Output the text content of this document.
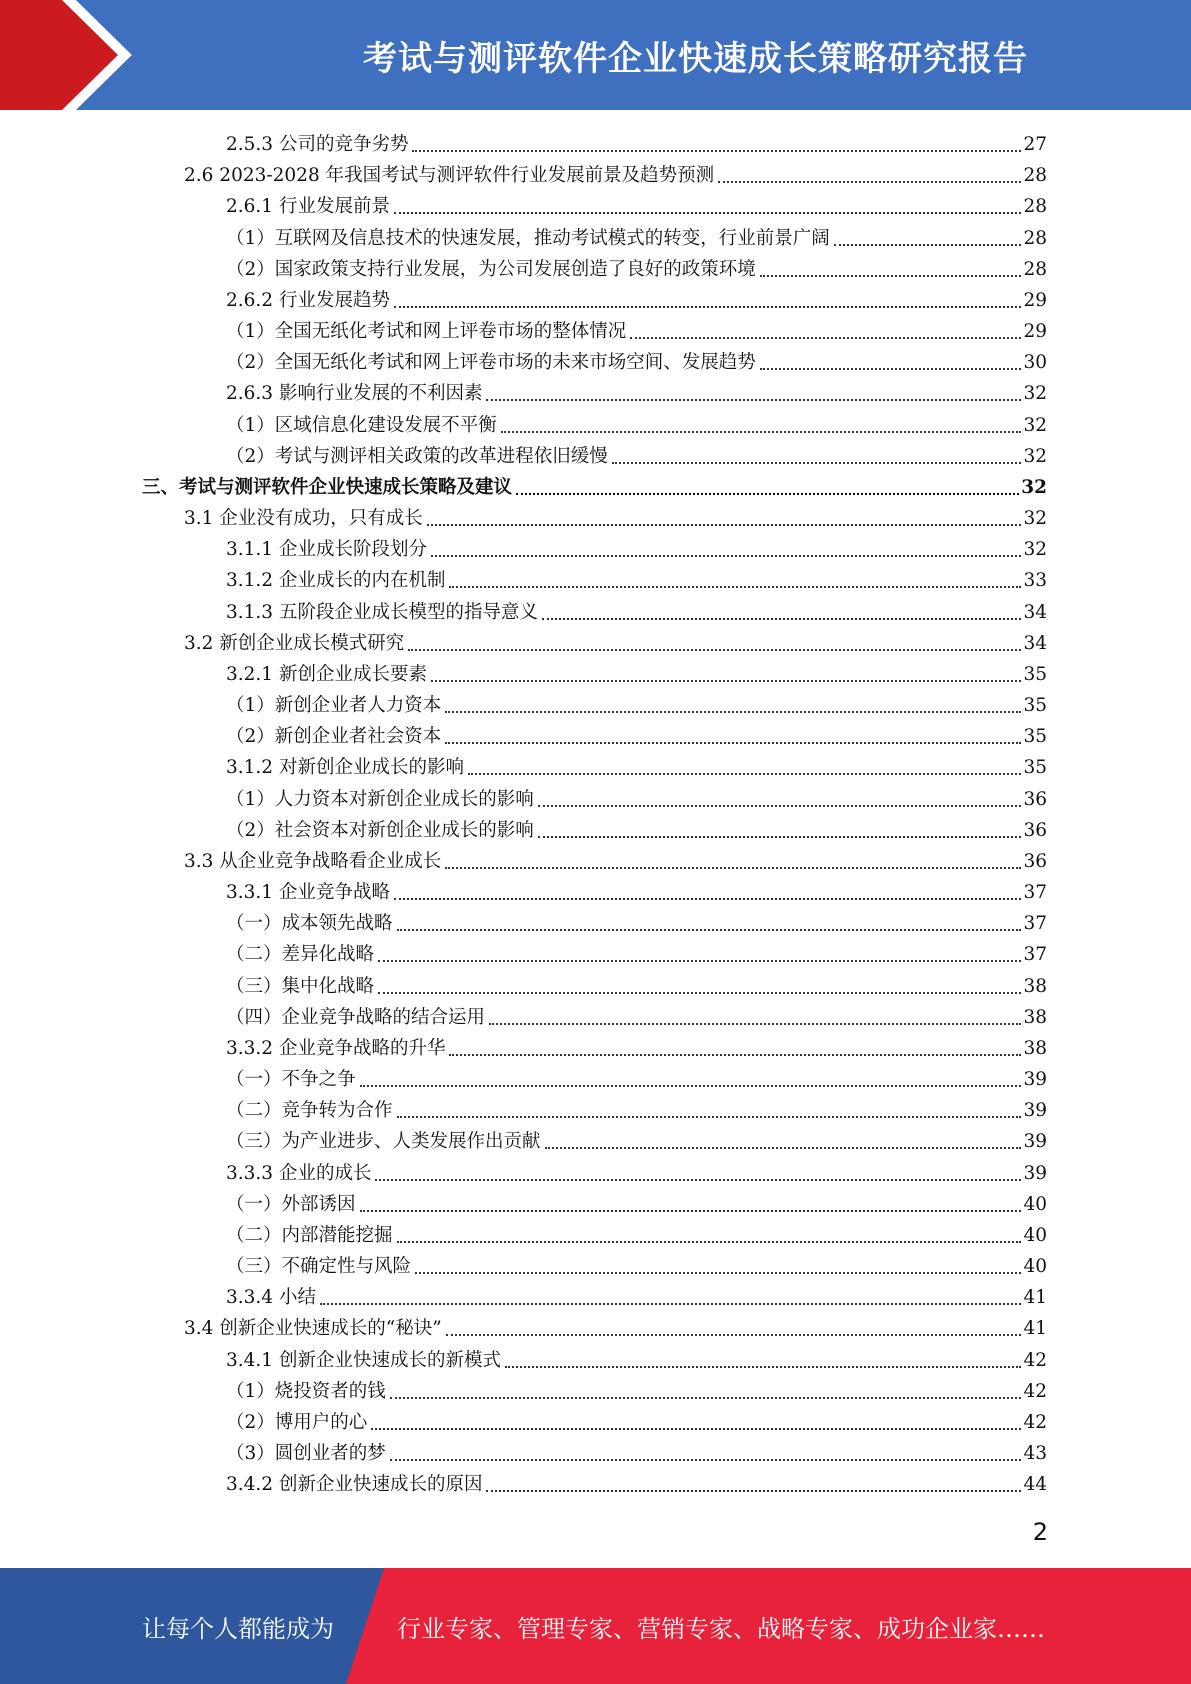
考试与测评软件企业快速成长策略研究报告
2.5.3 公司的竞争劣势	27
2.6 2023-2028 年我国考试与测评软件行业发展前景及趋势预测	28
2.6.1 行业发展前景	28
（1）互联网及信息技术的快速发展，推动考试模式的转变，行业前景广阔	28
（2）国家政策支持行业发展，为公司发展创造了良好的政策环境	28
2.6.2 行业发展趋势	29
（1）全国无纸化考试和网上评卷市场的整体情况	29
（2）全国无纸化考试和网上评卷市场的未来市场空间、发展趋势	30
2.6.3 影响行业发展的不利因素	32
（1）区域信息化建设发展不平衡	32
（2）考试与测评相关政策的改革进程依旧缓慢	32
三、考试与测评软件企业快速成长策略及建议	32
3.1 企业没有成功，只有成长	32
3.1.1 企业成长阶段划分	32
3.1.2 企业成长的内在机制	33
3.1.3 五阶段企业成长模型的指导意义	34
3.2 新创企业成长模式研究	34
3.2.1 新创企业成长要素	35
（1）新创企业者人力资本	35
（2）新创企业者社会资本	35
3.1.2 对新创企业成长的影响	35
（1）人力资本对新创企业成长的影响	36
（2）社会资本对新创企业成长的影响	36
3.3 从企业竞争战略看企业成长	36
3.3.1 企业竞争战略	37
（一）成本领先战略	37
（二）差异化战略	37
（三）集中化战略	38
（四）企业竞争战略的结合运用	38
3.3.2 企业竞争战略的升华	38
（一）不争之争	39
（二）竞争转为合作	39
（三）为产业进步、人类发展作出贡献	39
3.3.3 企业的成长	39
（一）外部诱因	40
（二）内部潜能挖掘	40
（三）不确定性与风险	40
3.3.4 小结	41
3.4 创新企业快速成长的“秘诀”	41
3.4.1 创新企业快速成长的新模式	42
（1）烧投资者的钱	42
（2）博用户的心	42
（3）圆创业者的梦	43
3.4.2 创新企业快速成长的原因	44
2
让每个人都能成为	行业专家、管理专家、营销专家、战略专家、成功企业家……
